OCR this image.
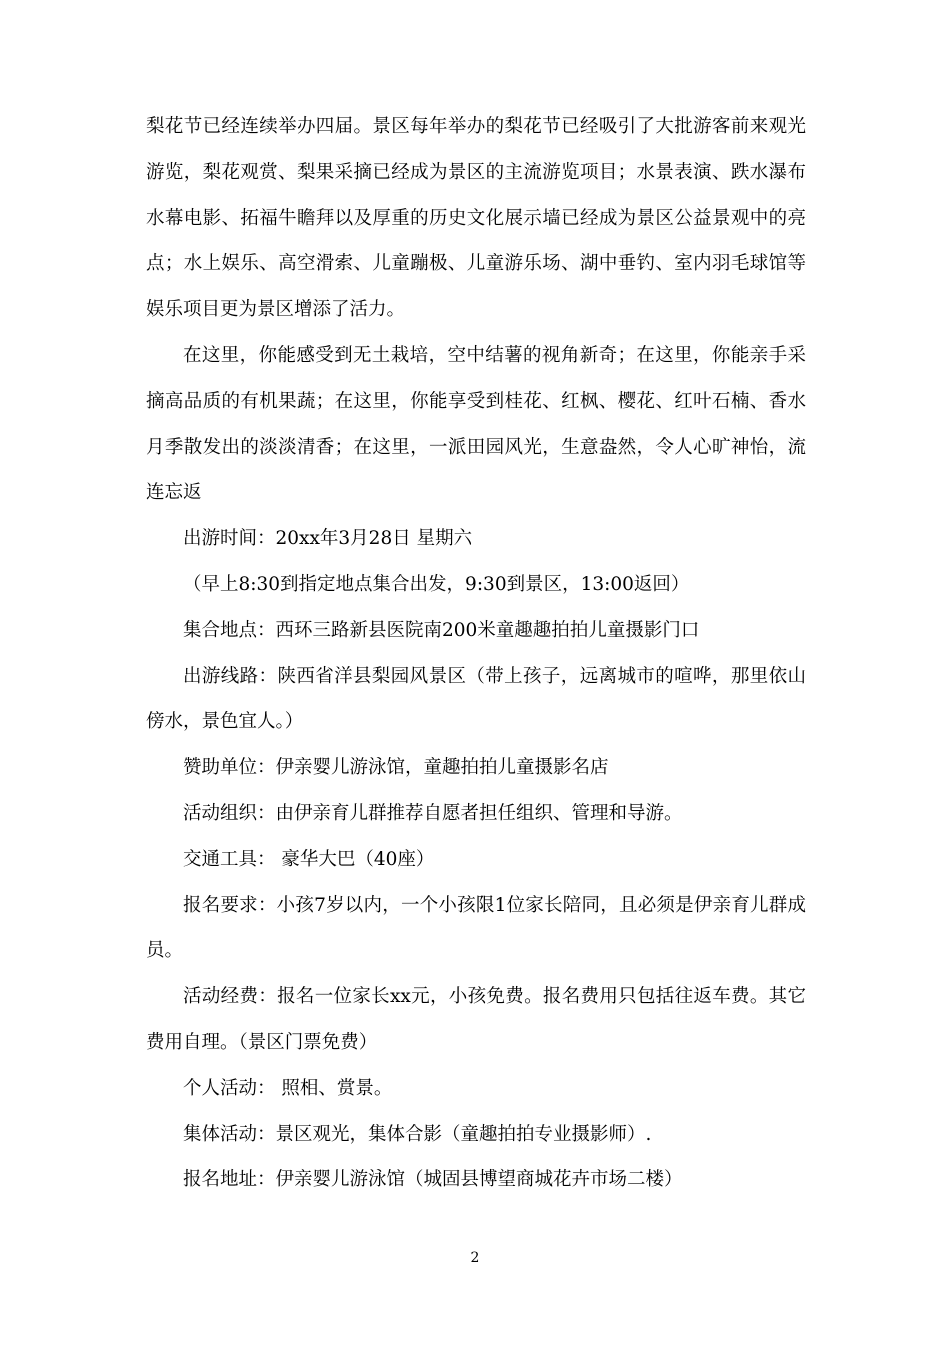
梨花节已经连续举办四届。景区每年举办的梨花节已经吸引了大批游客前来观光游览，梨花观赏、梨果采摘已经成为景区的主流游览项目；水景表演、跌水瀑布水幕电影、拓福牛瞻拜以及厚重的历史文化展示墙已经成为景区公益景观中的亮点；水上娱乐、高空滑索、儿童蹦极、儿童游乐场、湖中垂钓、室内羽毛球馆等娱乐项目更为景区增添了活力。

在这里，你能感受到无土栽培，空中结薯的视角新奇；在这里，你能亲手采摘高品质的有机果蔬；在这里，你能享受到桂花、红枫、樱花、红叶石楠、香水月季散发出的淡淡清香；在这里，一派田园风光，生意盎然，令人心旷神怡，流连忘返

出游时间：20xx年3月28日 星期六

（早上8:30到指定地点集合出发，9:30到景区，13:00返回）

集合地点：西环三路新县医院南200米童趣趣拍拍儿童摄影门口

出游线路：陕西省洋县梨园风景区（带上孩子，远离城市的喧哗，那里依山傍水，景色宜人。）

赞助单位：伊亲婴儿游泳馆，童趣拍拍儿童摄影名店

活动组织：由伊亲育儿群推荐自愿者担任组织、管理和导游。

交通工具： 豪华大巴（40座）

报名要求：小孩7岁以内，一个小孩限1位家长陪同，且必须是伊亲育儿群成员。

活动经费：报名一位家长xx元，小孩免费。报名费用只包括往返车费。其它费用自理。（景区门票免费）

个人活动： 照相、赏景。

集体活动：景区观光，集体合影（童趣拍拍专业摄影师）.

报名地址：伊亲婴儿游泳馆（城固县博望商城花卉市场二楼）

2
